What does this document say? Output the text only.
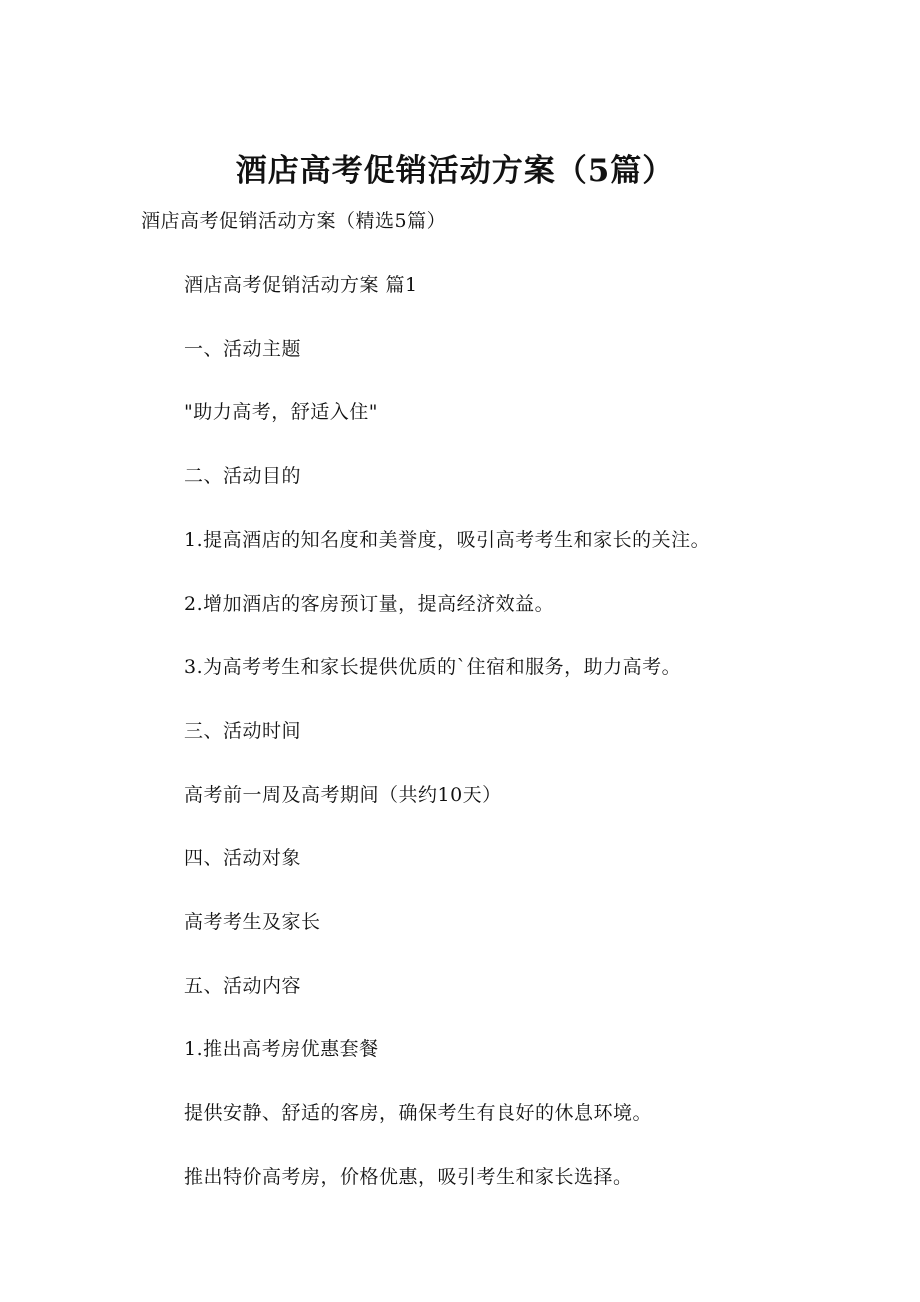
酒店高考促销活动方案（5篇）
酒店高考促销活动方案（精选5篇）
酒店高考促销活动方案 篇1
一、活动主题
"助力高考，舒适入住"
二、活动目的
1.提高酒店的知名度和美誉度，吸引高考考生和家长的关注。
2.增加酒店的客房预订量，提高经济效益。
3.为高考考生和家长提供优质的`住宿和服务，助力高考。
三、活动时间
高考前一周及高考期间（共约10天）
四、活动对象
高考考生及家长
五、活动内容
1.推出高考房优惠套餐
提供安静、舒适的客房，确保考生有良好的休息环境。
推出特价高考房，价格优惠，吸引考生和家长选择。
